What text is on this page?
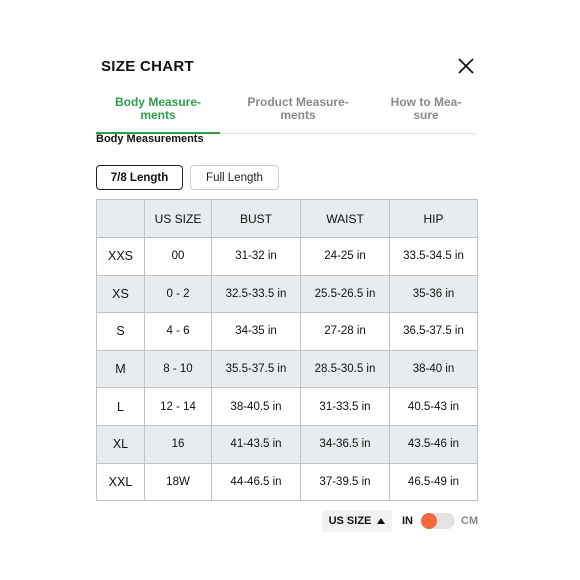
SIZE CHART
Body Measure-
ments
Product Measure-
ments
How to Mea-
sure
Body Measurements
7/8 Length	Full Length
	US SIZE	BUST	WAIST	HIP
XXS	00	31-32 in	24-25 in	33.5-34.5 in
XS	0 - 2	32.5-33.5 in	25.5-26.5 in	35-36 in
S	4 - 6	34-35 in	27-28 in	36.5-37.5 in
M	8 - 10	35.5-37.5 in	28.5-30.5 in	38-40 in
L	12 - 14	38-40.5 in	31-33.5 in	40.5-43 in
XL	16	41-43.5 in	34-36.5 in	43.5-46 in
XXL	18W	44-46.5 in	37-39.5 in	46.5-49 in
US SIZE	IN	CM
